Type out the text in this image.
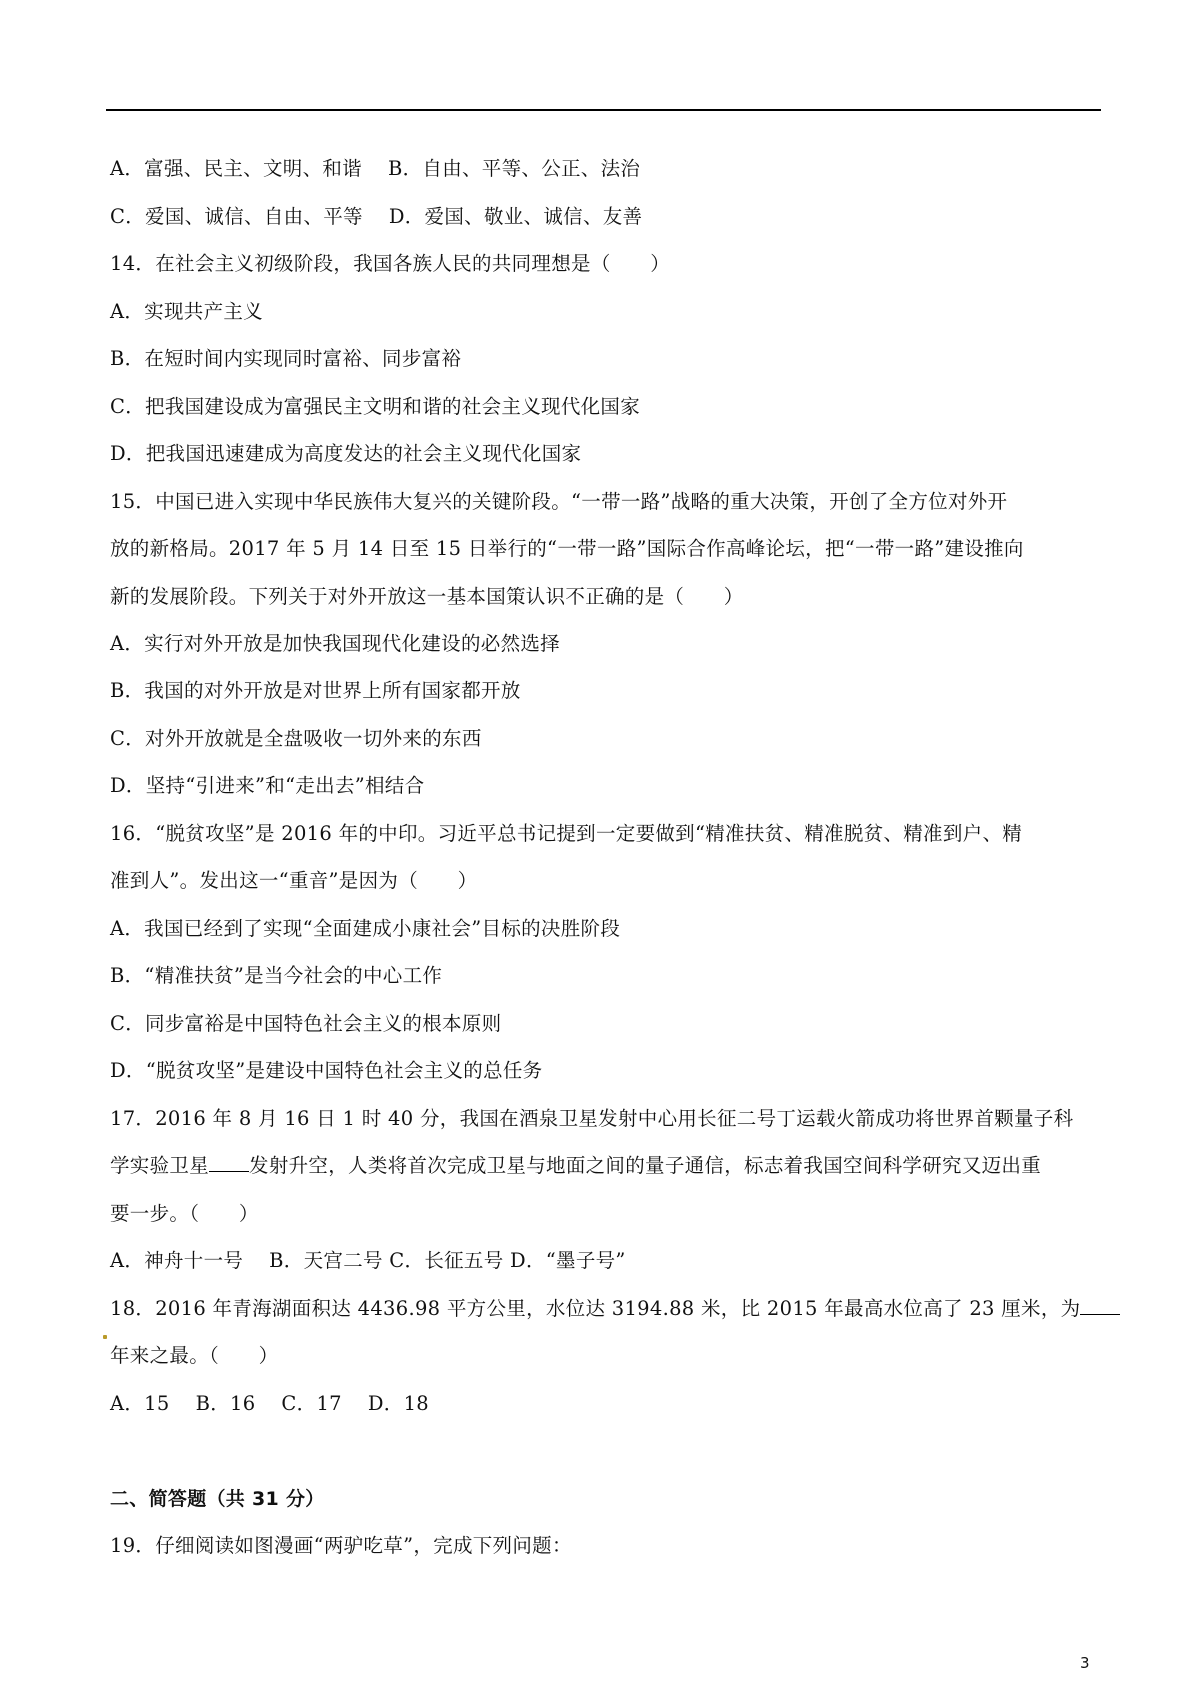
A．富强、民主、文明、和谐    B．自由、平等、公正、法治
C．爱国、诚信、自由、平等    D．爱国、敬业、诚信、友善
14．在社会主义初级阶段，我国各族人民的共同理想是（　　）
A．实现共产主义
B．在短时间内实现同时富裕、同步富裕
C．把我国建设成为富强民主文明和谐的社会主义现代化国家
D．把我国迅速建成为高度发达的社会主义现代化国家
15．中国已进入实现中华民族伟大复兴的关键阶段。“一带一路”战略的重大决策，开创了全方位对外开
放的新格局。2017 年 5 月 14 日至 15 日举行的“一带一路”国际合作高峰论坛，把“一带一路”建设推向
新的发展阶段。下列关于对外开放这一基本国策认识不正确的是（　　）
A．实行对外开放是加快我国现代化建设的必然选择
B．我国的对外开放是对世界上所有国家都开放
C．对外开放就是全盘吸收一切外来的东西
D．坚持“引进来”和“走出去”相结合
16．“脱贫攻坚”是 2016 年的中印。习近平总书记提到一定要做到“精准扶贫、精准脱贫、精准到户、精
准到人”。发出这一“重音”是因为（　　）
A．我国已经到了实现“全面建成小康社会”目标的决胜阶段
B．“精准扶贫”是当今社会的中心工作
C．同步富裕是中国特色社会主义的根本原则
D．“脱贫攻坚”是建设中国特色社会主义的总任务
17．2016 年 8 月 16 日 1 时 40 分，我国在酒泉卫星发射中心用长征二号丁运载火箭成功将世界首颗量子科
学实验卫星 发射升空，人类将首次完成卫星与地面之间的量子通信，标志着我国空间科学研究又迈出重
要一步。（　　）
A．神舟十一号    B．天宫二号 C．长征五号 D．“墨子号”
18．2016 年青海湖面积达 4436.98 平方公里，水位达 3194.88 米，比 2015 年最高水位高了 23 厘米，为
年来之最。（　　）
A．15    B．16    C．17    D．18
二、简答题（共 31 分）
19．仔细阅读如图漫画“两驴吃草”，完成下列问题：
3
